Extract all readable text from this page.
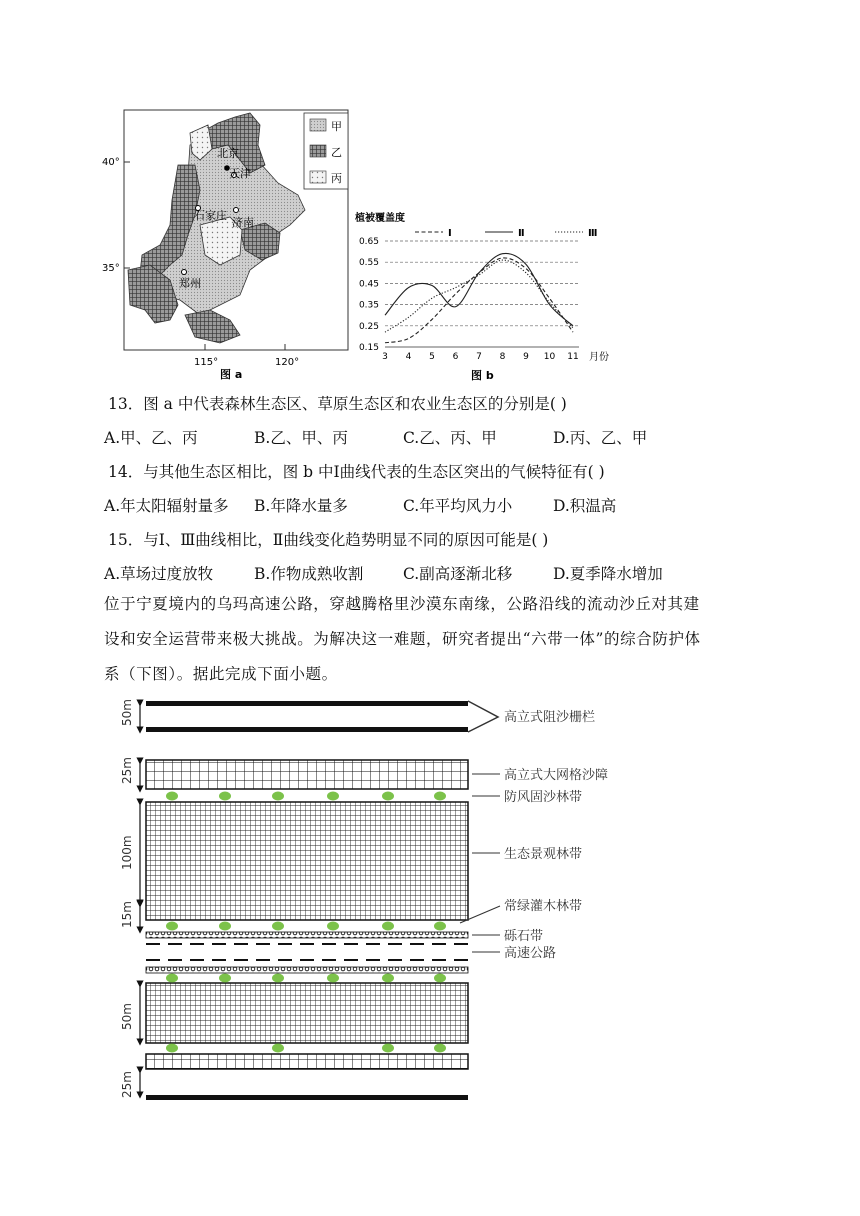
北京
天津
石家庄
济南
郑州
40°
35°
115°	120°
甲
乙
丙
图 a
植被覆盖度
Ⅰ	Ⅱ	Ⅲ
0.65
0.55
0.45
0.35
0.25
0.15
3 4 5 6 7 8 9 10 11 月份
图 b
13．图 a 中代表森林生态区、草原生态区和农业生态区的分别是( )
A.甲、乙、丙	B.乙、甲、丙	C.乙、丙、甲	D.丙、乙、甲
14．与其他生态区相比，图 b 中Ⅰ曲线代表的生态区突出的气候特征有( )
A.年太阳辐射量多 B.年降水量多	C.年平均风力小	D.积温高
15．与Ⅰ、Ⅲ曲线相比，Ⅱ曲线变化趋势明显不同的原因可能是( )
A.草场过度放牧	B.作物成熟收割	C.副高逐渐北移	D.夏季降水增加
位于宁夏境内的乌玛高速公路，穿越腾格里沙漠东南缘，公路沿线的流动沙丘对其建
设和安全运营带来极大挑战。为解决这一难题，研究者提出“六带一体”的综合防护体
系（下图）。据此完成下面小题。
50m
25m
100m
15m
50m
25m
高立式阻沙栅栏
高立式大网格沙障
防风固沙林带
生态景观林带
常绿灌木林带
砾石带
高速公路
